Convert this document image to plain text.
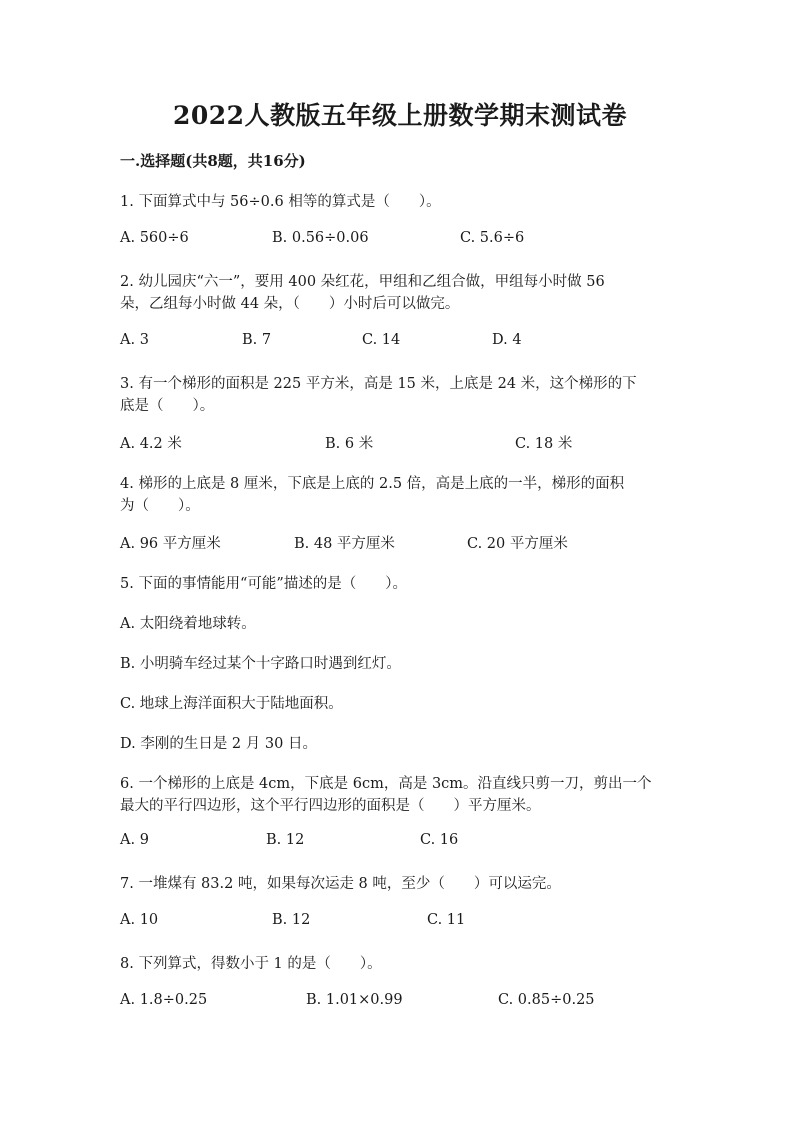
2022人教版五年级上册数学期末测试卷
一.选择题(共8题，共16分)
1. 下面算式中与 56÷0.6 相等的算式是（　　）。
A. 560÷6	B. 0.56÷0.06	C. 5.6÷6
2. 幼儿园庆“六一”，要用 400 朵红花，甲组和乙组合做，甲组每小时做 56
朵，乙组每小时做 44 朵，（　　）小时后可以做完。
A. 3	B. 7	C. 14	D. 4
3. 有一个梯形的面积是 225 平方米，高是 15 米，上底是 24 米，这个梯形的下
底是（　　）。
A. 4.2 米	B. 6 米	C. 18 米
4. 梯形的上底是 8 厘米，下底是上底的 2.5 倍，高是上底的一半，梯形的面积
为（　　）。
A. 96 平方厘米	B. 48 平方厘米	C. 20 平方厘米
5. 下面的事情能用“可能”描述的是（　　）。
A. 太阳绕着地球转。
B. 小明骑车经过某个十字路口时遇到红灯。
C. 地球上海洋面积大于陆地面积。
D. 李刚的生日是 2 月 30 日。
6. 一个梯形的上底是 4cm，下底是 6cm，高是 3cm。沿直线只剪一刀，剪出一个
最大的平行四边形，这个平行四边形的面积是（　　）平方厘米。
A. 9	B. 12	C. 16
7. 一堆煤有 83.2 吨，如果每次运走 8 吨，至少（　　）可以运完。
A. 10	B. 12	C. 11
8. 下列算式，得数小于 1 的是（　　）。
A. 1.8÷0.25	B. 1.01×0.99	C. 0.85÷0.25
